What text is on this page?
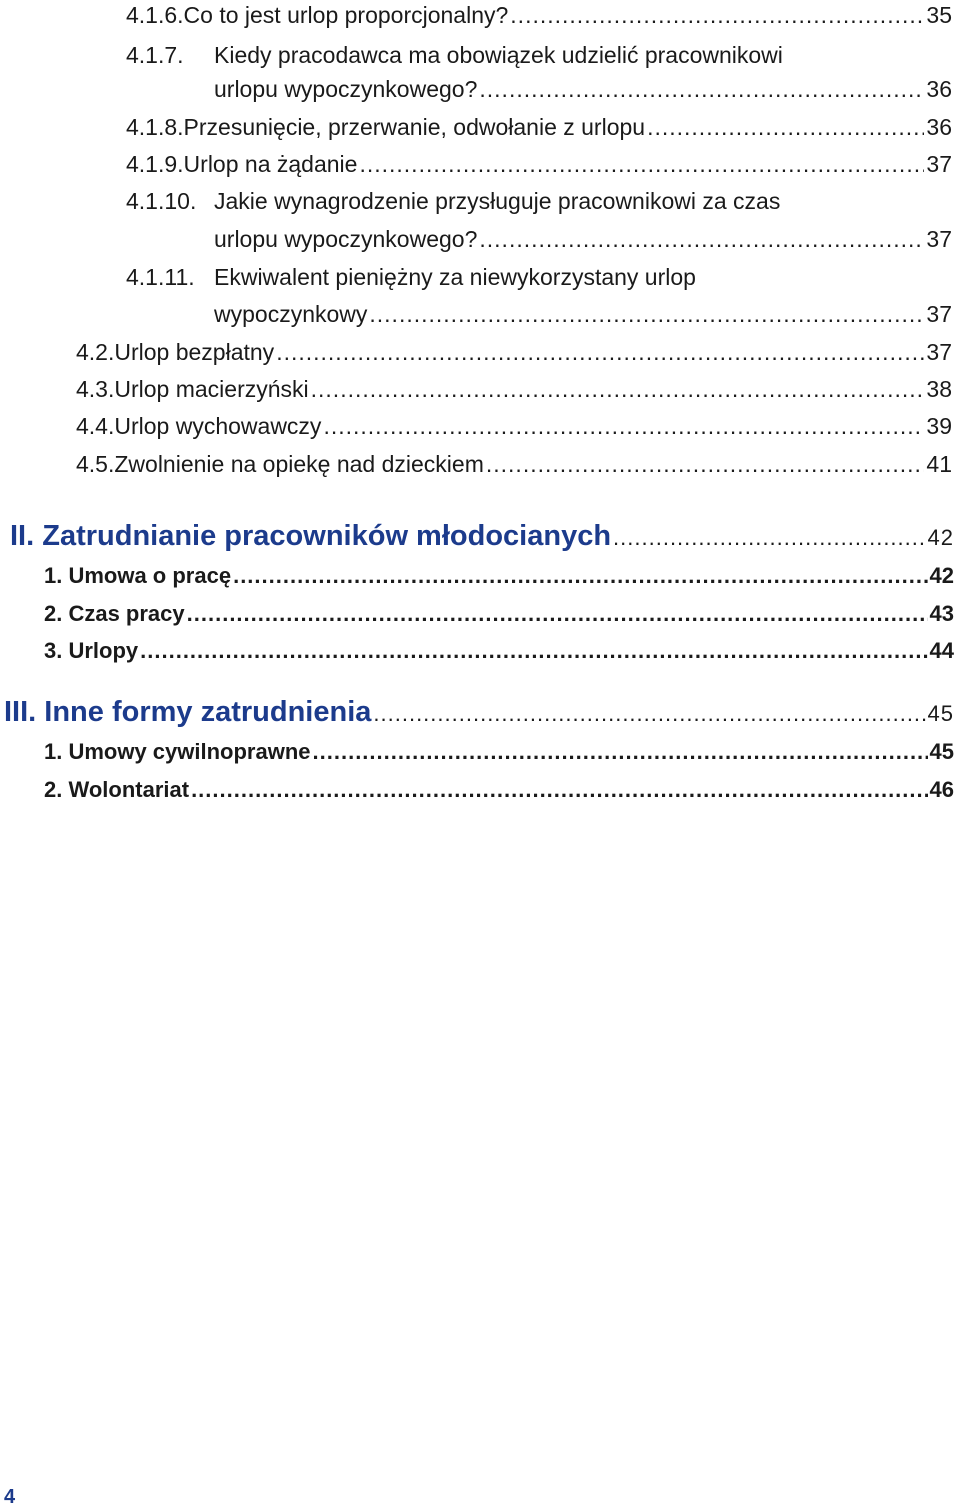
4.1.6. Co to jest urlop proporcjonalny? .....	35
4.1.7. Kiedy pracodawca ma obowiązek udzielić pracownikowi
urlopu wypoczynkowego? .....	36
4.1.8. Przesunięcie, przerwanie, odwołanie z urlopu .....	36
4.1.9. Urlop na żądanie .....	37
4.1.10. Jakie wynagrodzenie przysługuje pracownikowi za czas
urlopu wypoczynkowego? .....	37
4.1.11. Ekwiwalent pieniężny za niewykorzystany urlop
wypoczynkowy .....	37
4.2. Urlop bezpłatny .....	37
4.3. Urlop macierzyński .....	38
4.4. Urlop wychowawczy .....	39
4.5. Zwolnienie na opiekę nad dzieckiem .....	41
II. Zatrudnianie pracowników młodocianych .....	42
1. Umowa o pracę .....	42
2. Czas pracy .....	43
3. Urlopy .....	44
III. Inne formy zatrudnienia .....	45
1. Umowy cywilnoprawne .....	45
2. Wolontariat .....	46
4
